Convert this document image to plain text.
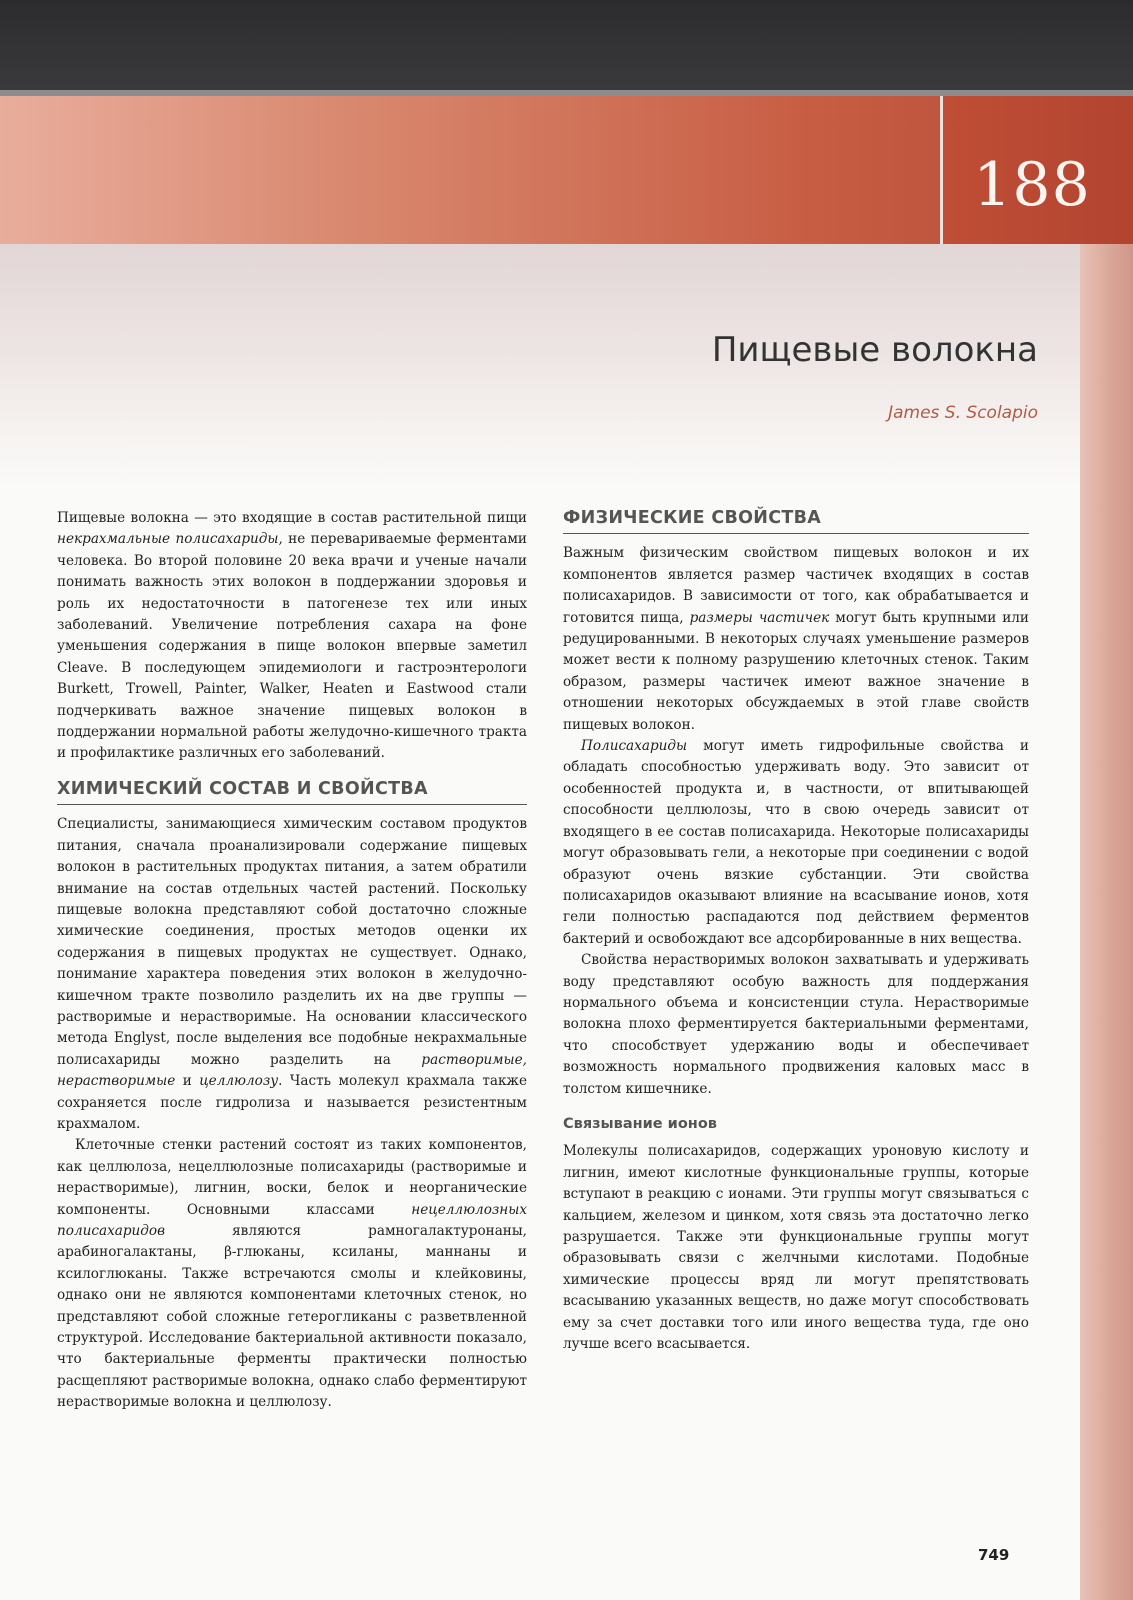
188
Пищевые волокна
James S. Scolapio

Пищевые волокна — это входящие в состав растительной пищи некрахмальные полисахариды, не перевариваемые ферментами человека. Во второй половине 20 века врачи и ученые начали понимать важность этих волокон в поддержании здоровья и роль их недостаточности в патогенезе тех или иных заболеваний. Увеличение потребления сахара на фоне уменьшения содержания в пище волокон впервые заметил Cleave. В последующем эпидемиологи и гастроэнтерологи Burkett, Trowell, Painter, Walker, Heaten и Eastwood стали подчеркивать важное значение пищевых волокон в поддержании нормальной работы желудочно-кишечного тракта и профилактике различных его заболеваний.

ХИМИЧЕСКИЙ СОСТАВ И СВОЙСТВА

Специалисты, занимающиеся химическим составом продуктов питания, сначала проанализировали содержание пищевых волокон в растительных продуктах питания, а затем обратили внимание на состав отдельных частей растений. Поскольку пищевые волокна представляют собой достаточно сложные химические соединения, простых методов оценки их содержания в пищевых продуктах не существует. Однако, понимание характера поведения этих волокон в желудочно-кишечном тракте позволило разделить их на две группы — растворимые и нерастворимые. На основании классического метода Englyst, после выделения все подобные некрахмальные полисахариды можно разделить на растворимые, нерастворимые и целлюлозу. Часть молекул крахмала также сохраняется после гидролиза и называется резистентным крахмалом.

Клеточные стенки растений состоят из таких компонентов, как целлюлоза, нецеллюлозные полисахариды (растворимые и нерастворимые), лигнин, воски, белок и неорганические компоненты. Основными классами нецеллюлозных полисахаридов являются рамногалактуронаны, арабиногалактаны, β-глюканы, ксиланы, маннаны и ксилоглюканы. Также встречаются смолы и клейковины, однако они не являются компонентами клеточных стенок, но представляют собой сложные гетерогликаны с разветвленной структурой. Исследование бактериальной активности показало, что бактериальные ферменты практически полностью расщепляют растворимые волокна, однако слабо ферментируют нерастворимые волокна и целлюлозу.

ФИЗИЧЕСКИЕ СВОЙСТВА

Важным физическим свойством пищевых волокон и их компонентов является размер частичек входящих в состав полисахаридов. В зависимости от того, как обрабатывается и готовится пища, размеры частичек могут быть крупными или редуцированными. В некоторых случаях уменьшение размеров может вести к полному разрушению клеточных стенок. Таким образом, размеры частичек имеют важное значение в отношении некоторых обсуждаемых в этой главе свойств пищевых волокон.

Полисахариды могут иметь гидрофильные свойства и обладать способностью удерживать воду. Это зависит от особенностей продукта и, в частности, от впитывающей способности целлюлозы, что в свою очередь зависит от входящего в ее состав полисахарида. Некоторые полисахариды могут образовывать гели, а некоторые при соединении с водой образуют очень вязкие субстанции. Эти свойства полисахаридов оказывают влияние на всасывание ионов, хотя гели полностью распадаются под действием ферментов бактерий и освобождают все адсорбированные в них вещества.

Свойства нерастворимых волокон захватывать и удерживать воду представляют особую важность для поддержания нормального объема и консистенции стула. Нерастворимые волокна плохо ферментируется бактериальными ферментами, что способствует удержанию воды и обеспечивает возможность нормального продвижения каловых масс в толстом кишечнике.

Связывание ионов

Молекулы полисахаридов, содержащих уроновую кислоту и лигнин, имеют кислотные функциональные группы, которые вступают в реакцию с ионами. Эти группы могут связываться с кальцием, железом и цинком, хотя связь эта достаточно легко разрушается. Также эти функциональные группы могут образовывать связи с желчными кислотами. Подобные химические процессы вряд ли могут препятствовать всасыванию указанных веществ, но даже могут способствовать ему за счет доставки того или иного вещества туда, где оно лучше всего всасывается.

749
